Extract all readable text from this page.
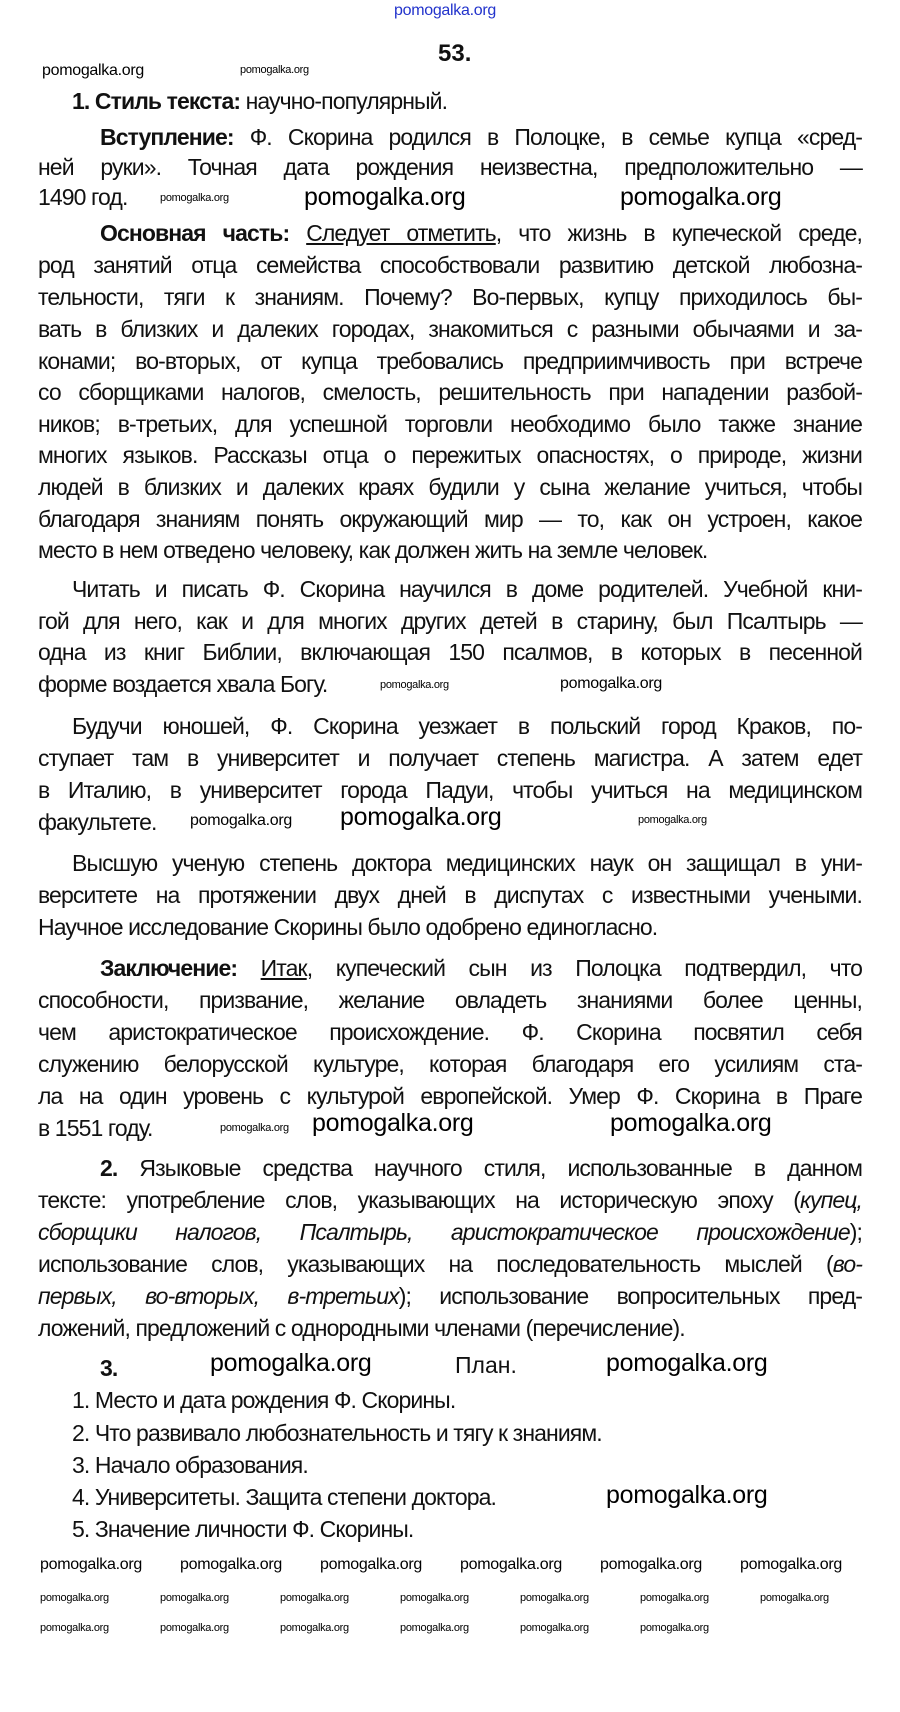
pomogalka.org
53.
План.
1. Стиль текста: научно-популярный.
Вступление: Ф. Скорина родился в Полоцке, в семье купца «сред-
ней руки». Точная дата рождения неизвестна, предположительно —
1490 год.
Основная часть: Следует отметить, что жизнь в купеческой среде,
род занятий отца семейства способствовали развитию детской любозна-
тельности, тяги к знаниям. Почему? Во-первых, купцу приходилось бы-
вать в близких и далеких городах, знакомиться с разными обычаями и за-
конами; во-вторых, от купца требовались предприимчивость при встрече
со сборщиками налогов, смелость, решительность при нападении разбой-
ников; в-третьих, для успешной торговли необходимо было также знание
многих языков. Рассказы отца о пережитых опасностях, о природе, жизни
людей в близких и далеких краях будили у сына желание учиться, чтобы
благодаря знаниям понять окружающий мир — то, как он устроен, какое
место в нем отведено человеку, как должен жить на земле человек.
Читать и писать Ф. Скорина научился в доме родителей. Учебной кни-
гой для него, как и для многих других детей в старину, был Псалтырь —
одна из книг Библии, включающая 150 псалмов, в которых в песенной
форме воздается хвала Богу.
Будучи юношей, Ф. Скорина уезжает в польский город Краков, по-
ступает там в университет и получает степень магистра. А затем едет
в Италию, в университет города Падуи, чтобы учиться на медицинском
факультете.
Высшую ученую степень доктора медицинских наук он защищал в уни-
верситете на протяжении двух дней в диспутах с известными учеными.
Научное исследование Скорины было одобрено единогласно.
Заключение: Итак, купеческий сын из Полоцка подтвердил, что
способности, призвание, желание овладеть знаниями более ценны,
чем аристократическое происхождение. Ф. Скорина посвятил себя
служению белорусской культуре, которая благодаря его усилиям ста-
ла на один уровень с культурой европейской. Умер Ф. Скорина в Праге
в 1551 году.
2. Языковые средства научного стиля, использованные в данном
тексте: употребление слов, указывающих на историческую эпоху (купец,
сборщики налогов, Псалтырь, аристократическое происхождение);
использование слов, указывающих на последовательность мыслей (во-
первых, во-вторых, в-третьих); использование вопросительных пред-
ложений, предложений с однородными членами (перечисление).
3.
1. Место и дата рождения Ф. Скорины.
2. Что развивало любознательность и тягу к знаниям.
3. Начало образования.
4. Университеты. Защита степени доктора.
5. Значение личности Ф. Скорины.
pomogalka.org	pomogalka.org
pomogalka.org	pomogalka.org	pomogalka.org
pomogalka.org	pomogalka.org	pomogalka.org	pomogalka.org	pomogalka.org	pomogalka.org	pomogalka.org
pomogalka.org pomogalka.org pomogalka.org
pomogalka.org	pomogalka.org
pomogalka.org
pomogalka.org	pomogalka.org
pomogalka.org
pomogalka.org pomogalka.org
pomogalka.org	pomogalka.org	pomogalka.org
pomogalka.org	pomogalka.org
pomogalka.org
pomogalka.org	pomogalka.org
pomogalka.org	pomogalka.org	pomogalka.org
pomogalka.org
